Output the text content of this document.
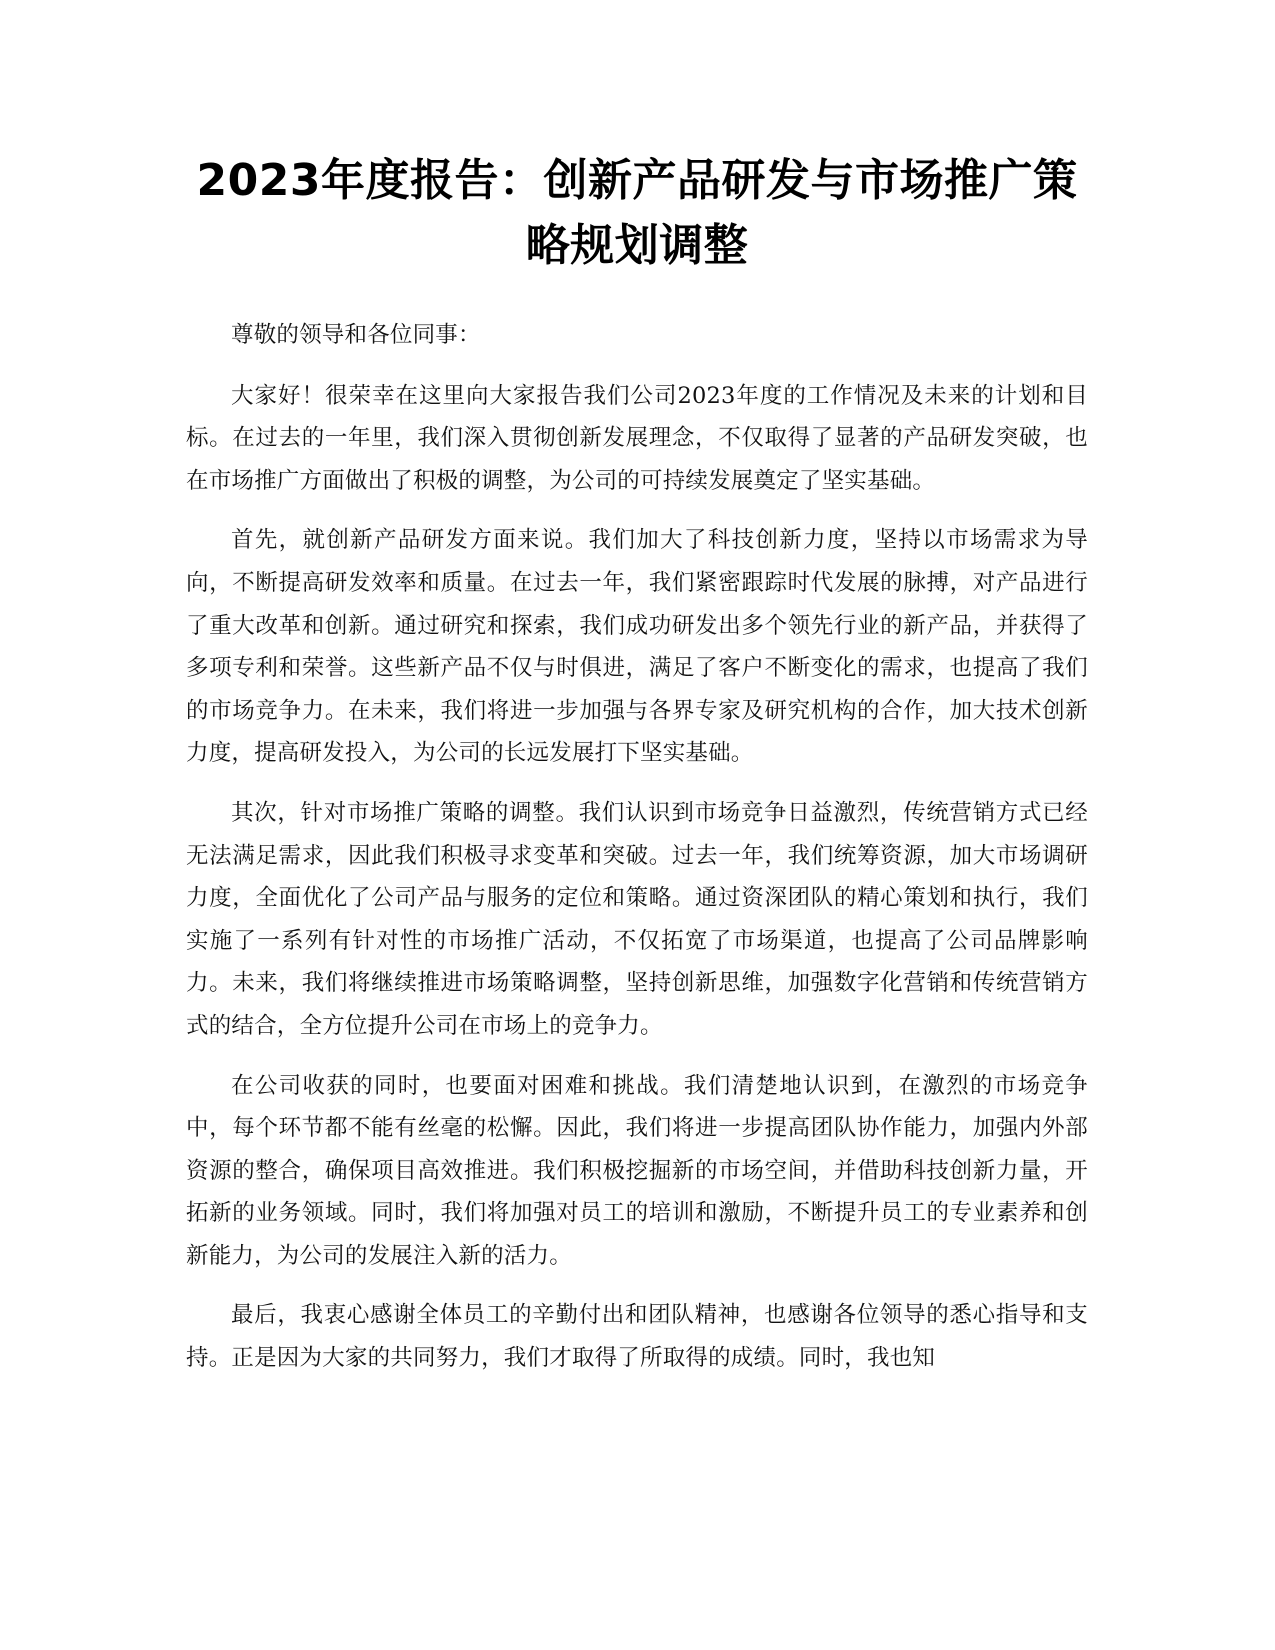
2023年度报告：创新产品研发与市场推广策略规划调整

尊敬的领导和各位同事：

大家好！很荣幸在这里向大家报告我们公司2023年度的工作情况及未来的计划和目标。在过去的一年里，我们深入贯彻创新发展理念，不仅取得了显著的产品研发突破，也在市场推广方面做出了积极的调整，为公司的可持续发展奠定了坚实基础。

首先，就创新产品研发方面来说。我们加大了科技创新力度，坚持以市场需求为导向，不断提高研发效率和质量。在过去一年，我们紧密跟踪时代发展的脉搏，对产品进行了重大改革和创新。通过研究和探索，我们成功研发出多个领先行业的新产品，并获得了多项专利和荣誉。这些新产品不仅与时俱进，满足了客户不断变化的需求，也提高了我们的市场竞争力。在未来，我们将进一步加强与各界专家及研究机构的合作，加大技术创新力度，提高研发投入，为公司的长远发展打下坚实基础。

其次，针对市场推广策略的调整。我们认识到市场竞争日益激烈，传统营销方式已经无法满足需求，因此我们积极寻求变革和突破。过去一年，我们统筹资源，加大市场调研力度，全面优化了公司产品与服务的定位和策略。通过资深团队的精心策划和执行，我们实施了一系列有针对性的市场推广活动，不仅拓宽了市场渠道，也提高了公司品牌影响力。未来，我们将继续推进市场策略调整，坚持创新思维，加强数字化营销和传统营销方式的结合，全方位提升公司在市场上的竞争力。

在公司收获的同时，也要面对困难和挑战。我们清楚地认识到，在激烈的市场竞争中，每个环节都不能有丝毫的松懈。因此，我们将进一步提高团队协作能力，加强内外部资源的整合，确保项目高效推进。我们积极挖掘新的市场空间，并借助科技创新力量，开拓新的业务领域。同时，我们将加强对员工的培训和激励，不断提升员工的专业素养和创新能力，为公司的发展注入新的活力。

最后，我衷心感谢全体员工的辛勤付出和团队精神，也感谢各位领导的悉心指导和支持。正是因为大家的共同努力，我们才取得了所取得的成绩。同时，我也知
